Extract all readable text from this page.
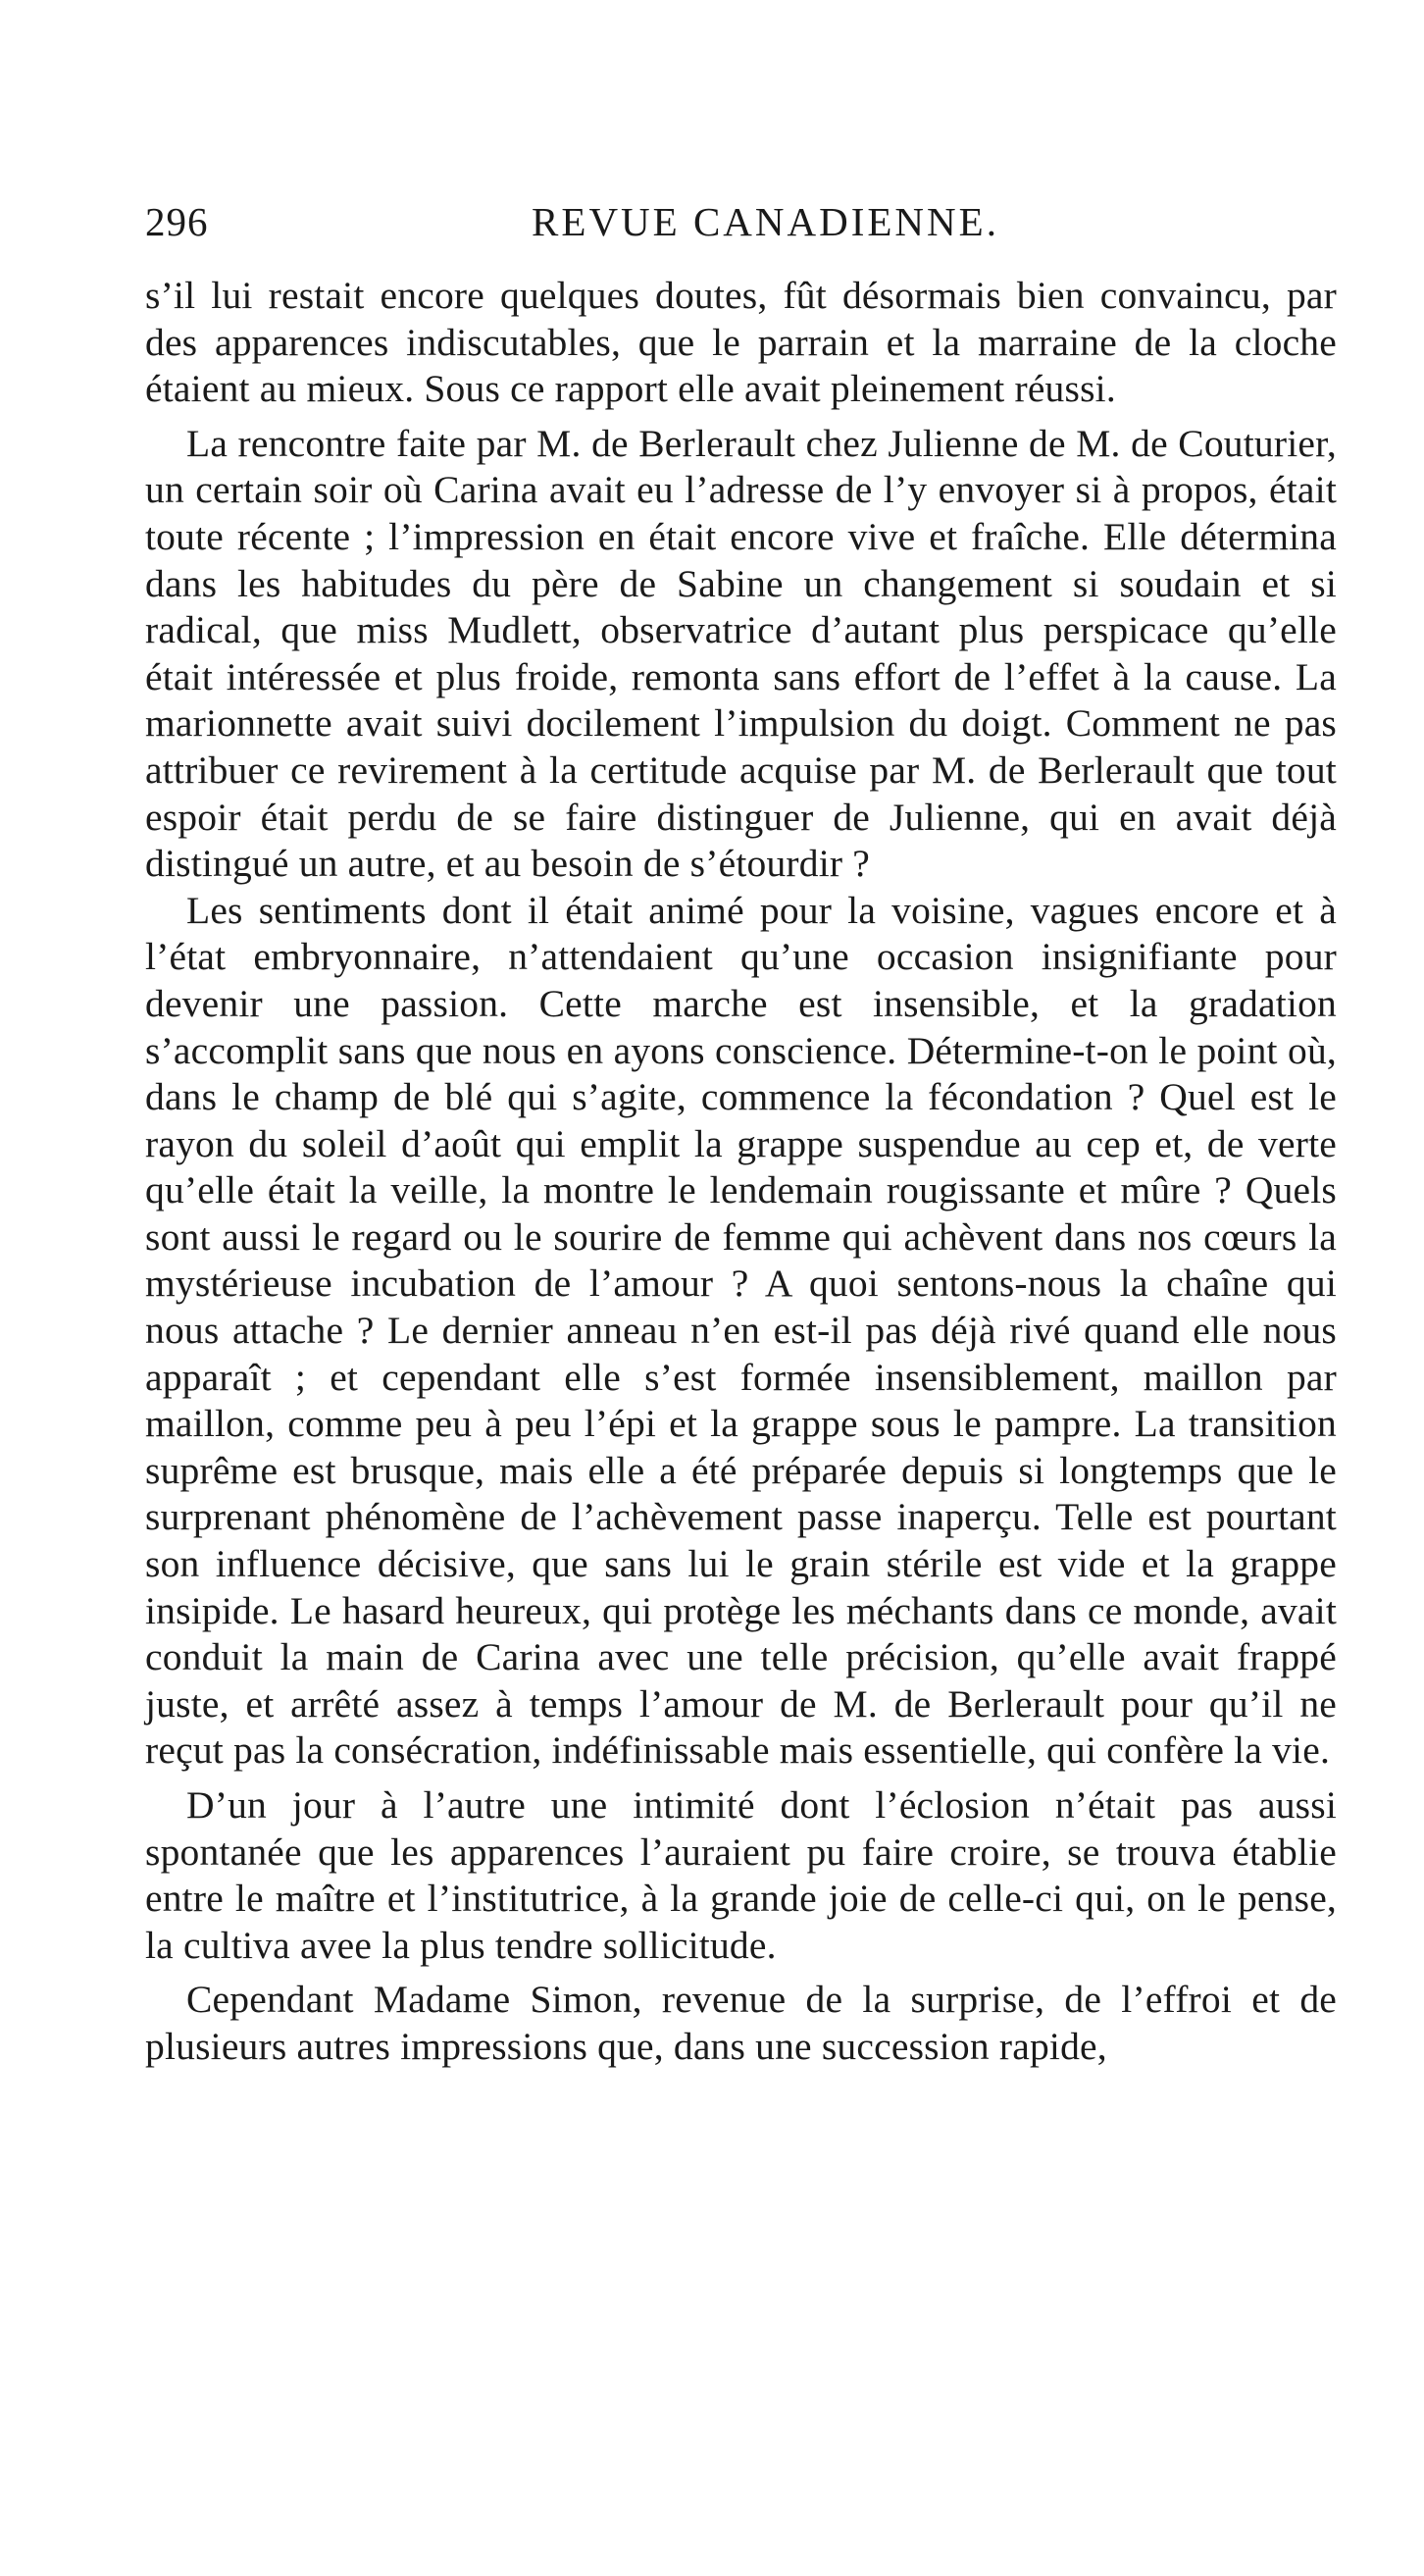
296	REVUE CANADIENNE.

s’il lui restait encore quelques doutes, fût désormais bien convaincu, par des apparences indiscutables, que le parrain et la marraine de la cloche étaient au mieux. Sous ce rapport elle avait pleinement réussi.

La rencontre faite par M. de Berlerault chez Julienne de M. de Couturier, un certain soir où Carina avait eu l’adresse de l’y envoyer si à propos, était toute récente ; l’impression en était encore vive et fraîche. Elle détermina dans les habitudes du père de Sabine un changement si soudain et si radical, que miss Mudlett, observatrice d’autant plus perspicace qu’elle était intéressée et plus froide, remonta sans effort de l’effet à la cause. La marionnette avait suivi docilement l’impulsion du doigt. Comment ne pas attribuer ce revirement à la certitude acquise par M. de Berlerault que tout espoir était perdu de se faire distinguer de Julienne, qui en avait déjà distingué un autre, et au besoin de s’étourdir ?

Les sentiments dont il était animé pour la voisine, vagues encore et à l’état embryonnaire, n’attendaient qu’une occasion insignifiante pour devenir une passion. Cette marche est insensible, et la gradation s’accomplit sans que nous en ayons conscience. Détermine-t-on le point où, dans le champ de blé qui s’agite, commence la fécondation ? Quel est le rayon du soleil d’août qui emplit la grappe suspendue au cep et, de verte qu’elle était la veille, la montre le lendemain rougissante et mûre ? Quels sont aussi le regard ou le sourire de femme qui achèvent dans nos cœurs la mystérieuse incubation de l’amour ? A quoi sentons-nous la chaîne qui nous attache ? Le dernier anneau n’en est-il pas déjà rivé quand elle nous apparaît ; et cependant elle s’est formée insensiblement, maillon par maillon, comme peu à peu l’épi et la grappe sous le pampre. La transition suprême est brusque, mais elle a été préparée depuis si longtemps que le surprenant phénomène de l’achèvement passe inaperçu. Telle est pourtant son influence décisive, que sans lui le grain stérile est vide et la grappe insipide. Le hasard heureux, qui protège les méchants dans ce monde, avait conduit la main de Carina avec une telle précision, qu’elle avait frappé juste, et arrêté assez à temps l’amour de M. de Berlerault pour qu’il ne reçut pas la consécration, indéfinissable mais essentielle, qui confère la vie.

D’un jour à l’autre une intimité dont l’éclosion n’était pas aussi spontanée que les apparences l’auraient pu faire croire, se trouva établie entre le maître et l’institutrice, à la grande joie de celle-ci qui, on le pense, la cultiva avee la plus tendre sollicitude.

Cependant Madame Simon, revenue de la surprise, de l’effroi et de plusieurs autres impressions que, dans une succession rapide,
